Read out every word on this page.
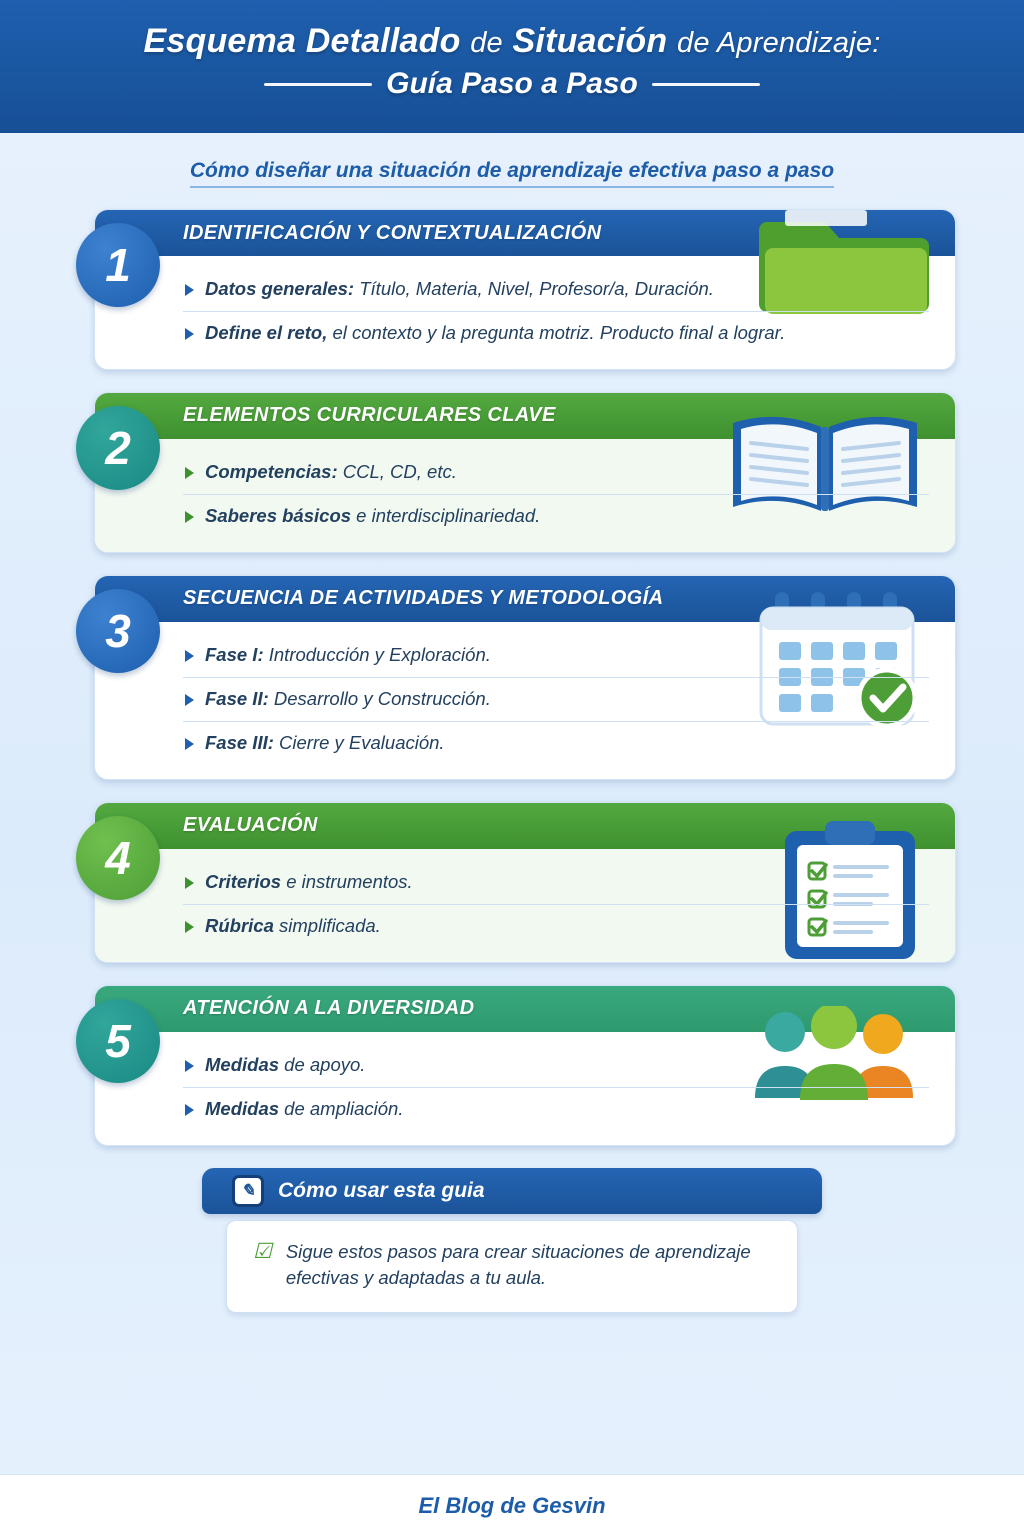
Esquema Detallado de Situación de Aprendizaje:
Guía Paso a Paso
Cómo diseñar una situación de aprendizaje efectiva paso a paso
1
IDENTIFICACIÓN Y CONTEXTUALIZACIÓN
Datos generales: Título, Materia, Nivel, Profesor/a, Duración.
Define el reto, el contexto y la pregunta motriz. Producto final a lograr.
2
ELEMENTOS CURRICULARES CLAVE
Competencias: CCL, CD, etc.
Saberes básicos e interdisciplinariedad.
3
SECUENCIA DE ACTIVIDADES Y METODOLOGÍA
Fase I: Introducción y Exploración.
Fase II: Desarrollo y Construcción.
Fase III: Cierre y Evaluación.
4
EVALUACIÓN
Criterios e instrumentos.
Rúbrica simplificada.
5
ATENCIÓN A LA DIVERSIDAD
Medidas de apoyo.
Medidas de ampliación.
✎	Cómo usar esta guia
☑ Sigue estos pasos para crear situaciones de aprendizaje efectivas y adaptadas a tu aula.
El Blog de Gesvin
